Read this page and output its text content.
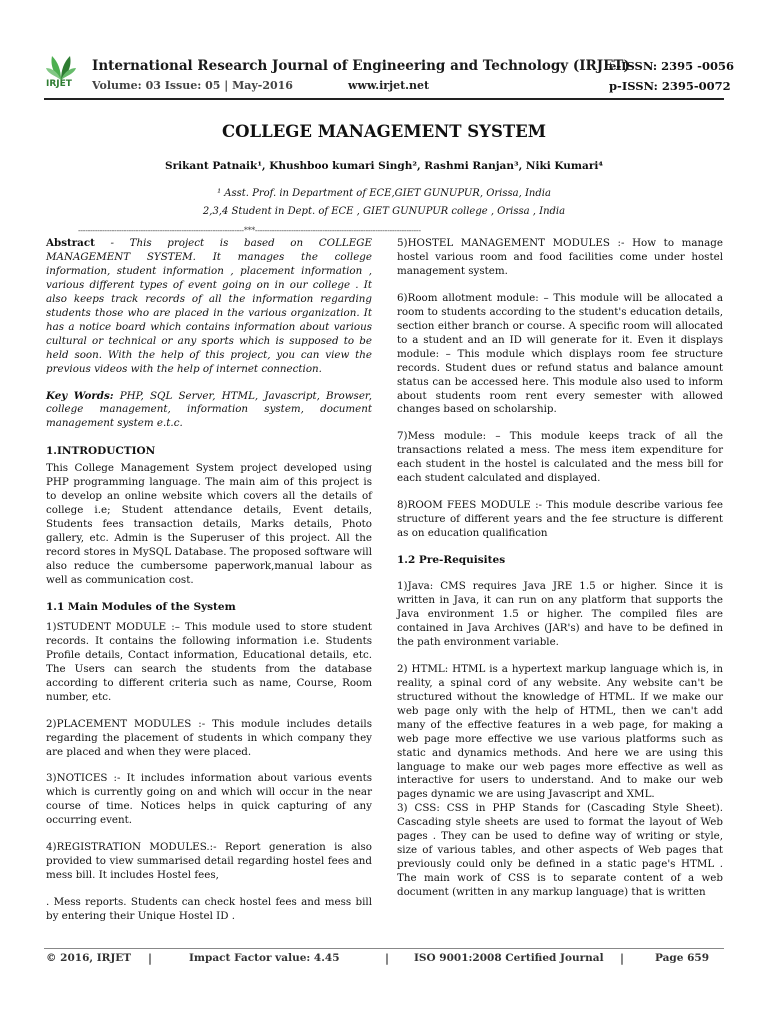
IRJET
International Research Journal of Engineering and Technology (IRJET)
e-ISSN: 2395 -0056
Volume: 03 Issue: 05 | May-2016	www.irjet.net	p-ISSN: 2395-0072
COLLEGE MANAGEMENT SYSTEM
Srikant Patnaik¹, Khushboo kumari Singh², Rashmi Ranjan³, Niki Kumari⁴
¹ Asst. Prof. in Department of ECE,GIET GUNUPUR, Orissa, India
2,3,4 Student in Dept. of ECE , GIET GUNUPUR college , Orissa , India
---------------------------------------------------------------------***---------------------------------------------------------------------

Abstract - This project is based on COLLEGE MANAGEMENT SYSTEM. It manages the college information, student information , placement information , various different types of event going on in our college . It also keeps track records of all the information regarding students those who are placed in the various organization. It has a notice board which contains information about various cultural or technical or any sports which is supposed to be held soon. With the help of this project, you can view the previous videos with the help of internet connection.

Key Words: PHP, SQL Server, HTML, Javascript, Browser, college management, information system, document management system e.t.c.

1.INTRODUCTION

This College Management System project developed using PHP programming language. The main aim of this project is to develop an online website which covers all the details of college i.e; Student attendance details, Event details, Students fees transaction details, Marks details, Photo gallery, etc. Admin is the Superuser of this project. All the record stores in MySQL Database. The proposed software will also reduce the cumbersome paperwork,manual labour as well as communication cost.

1.1 Main Modules of the System

1)STUDENT MODULE :– This module used to store student records. It contains the following information i.e. Students Profile details, Contact information, Educational details, etc. The Users can search the students from the database according to different criteria such as name, Course, Room number, etc.

2)PLACEMENT MODULES :- This module includes details regarding the placement of students in which company they are placed and when they were placed.

3)NOTICES :- It includes information about various events which is currently going on and which will occur in the near course of time. Notices helps in quick capturing of any occurring event.

4)REGISTRATION MODULES.:- Report generation is also provided to view summarised detail regarding hostel fees and mess bill. It includes Hostel fees,

. Mess reports. Students can check hostel fees and mess bill by entering their Unique Hostel ID .

5)HOSTEL MANAGEMENT MODULES :- How to manage hostel various room and food facilities come under hostel management system.

6)Room allotment module: – This module will be allocated a room to students according to the student's education details, section either branch or course. A specific room will allocated to a student and an ID will generate for it. Even it displays module: – This module which displays room fee structure records. Student dues or refund status and balance amount status can be accessed here. This module also used to inform about students room rent every semester with allowed changes based on scholarship.

7)Mess module: – This module keeps track of all the transactions related a mess. The mess item expenditure for each student in the hostel is calculated and the mess bill for each student calculated and displayed.

8)ROOM FEES MODULE :- This module describe various fee structure of different years and the fee structure is different as on education qualification

1.2 Pre-Requisites

1)Java: CMS requires Java JRE 1.5 or higher. Since it is written in Java, it can run on any platform that supports the Java environment 1.5 or higher. The compiled files are contained in Java Archives (JAR's) and have to be defined in the path environment variable.

2) HTML: HTML is a hypertext markup language which is, in reality, a spinal cord of any website. Any website can't be structured without the knowledge of HTML. If we make our web page only with the help of HTML, then we can't add many of the effective features in a web page, for making a web page more effective we use various platforms such as static and dynamics methods. And here we are using this language to make our web pages more effective as well as interactive for users to understand. And to make our web pages dynamic we are using Javascript and XML.

3) CSS: CSS in PHP Stands for (Cascading Style Sheet). Cascading style sheets are used to format the layout of Web pages . They can be used to define way of writing or style, size of various tables, and other aspects of Web pages that previously could only be defined in a static page's HTML . The main work of CSS is to separate content of a web document (written in any markup language) that is written

© 2016, IRJET |	Impact Factor value: 4.45	| ISO 9001:2008 Certified Journal |	Page 659
